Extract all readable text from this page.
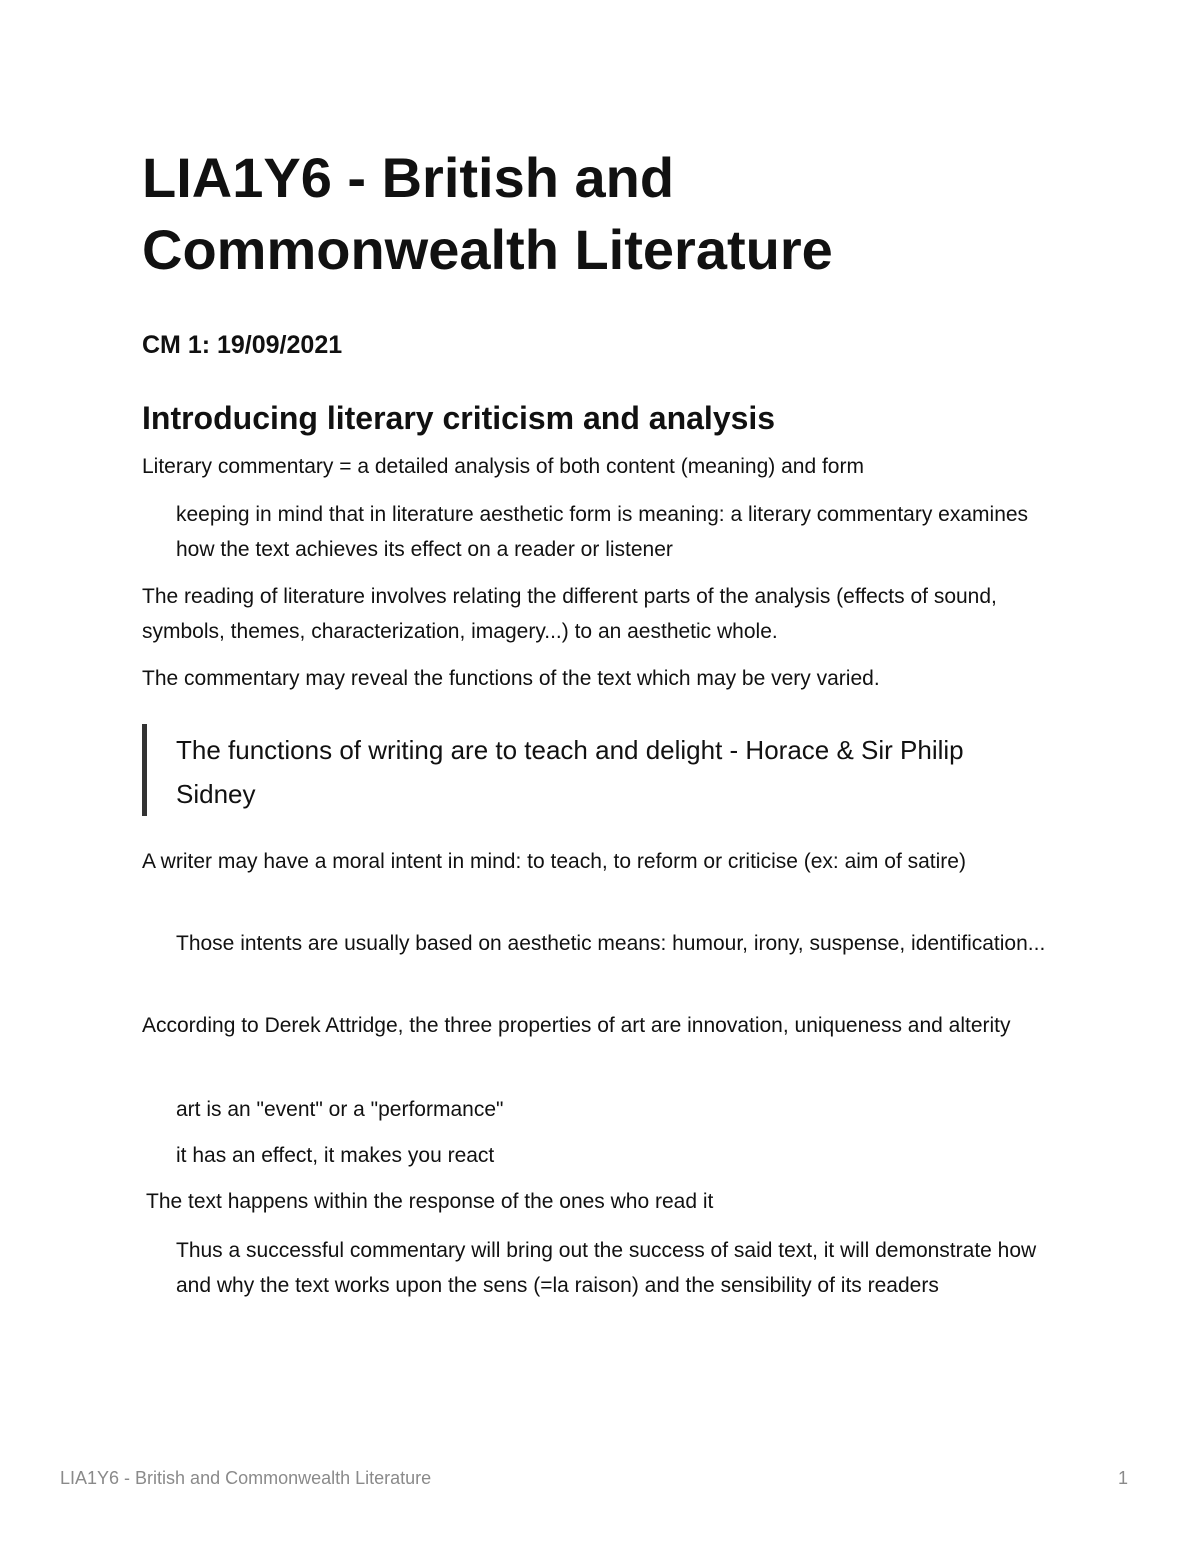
LIA1Y6 - British and Commonwealth Literature
CM 1: 19/09/2021
Introducing literary criticism and analysis

Literary commentary = a detailed analysis of both content (meaning) and form

keeping in mind that in literature aesthetic form is meaning: a literary commentary examines how the text achieves its effect on a reader or listener

The reading of literature involves relating the different parts of the analysis (effects of sound, symbols, themes, characterization, imagery...) to an aesthetic whole.

The commentary may reveal the functions of the text which may be very varied.

The functions of writing are to teach and delight - Horace & Sir Philip Sidney

A writer may have a moral intent in mind: to teach, to reform or criticise (ex: aim of satire)

Those intents are usually based on aesthetic means: humour, irony, suspense, identification...

According to Derek Attridge, the three properties of art are innovation, uniqueness and alterity

art is an "event" or a "performance"

it has an effect, it makes you react

The text happens within the response of the ones who read it

Thus a successful commentary will bring out the success of said text, it will demonstrate how and why the text works upon the sens (=la raison) and the sensibility of its readers

LIA1Y6 - British and Commonwealth Literature	1
